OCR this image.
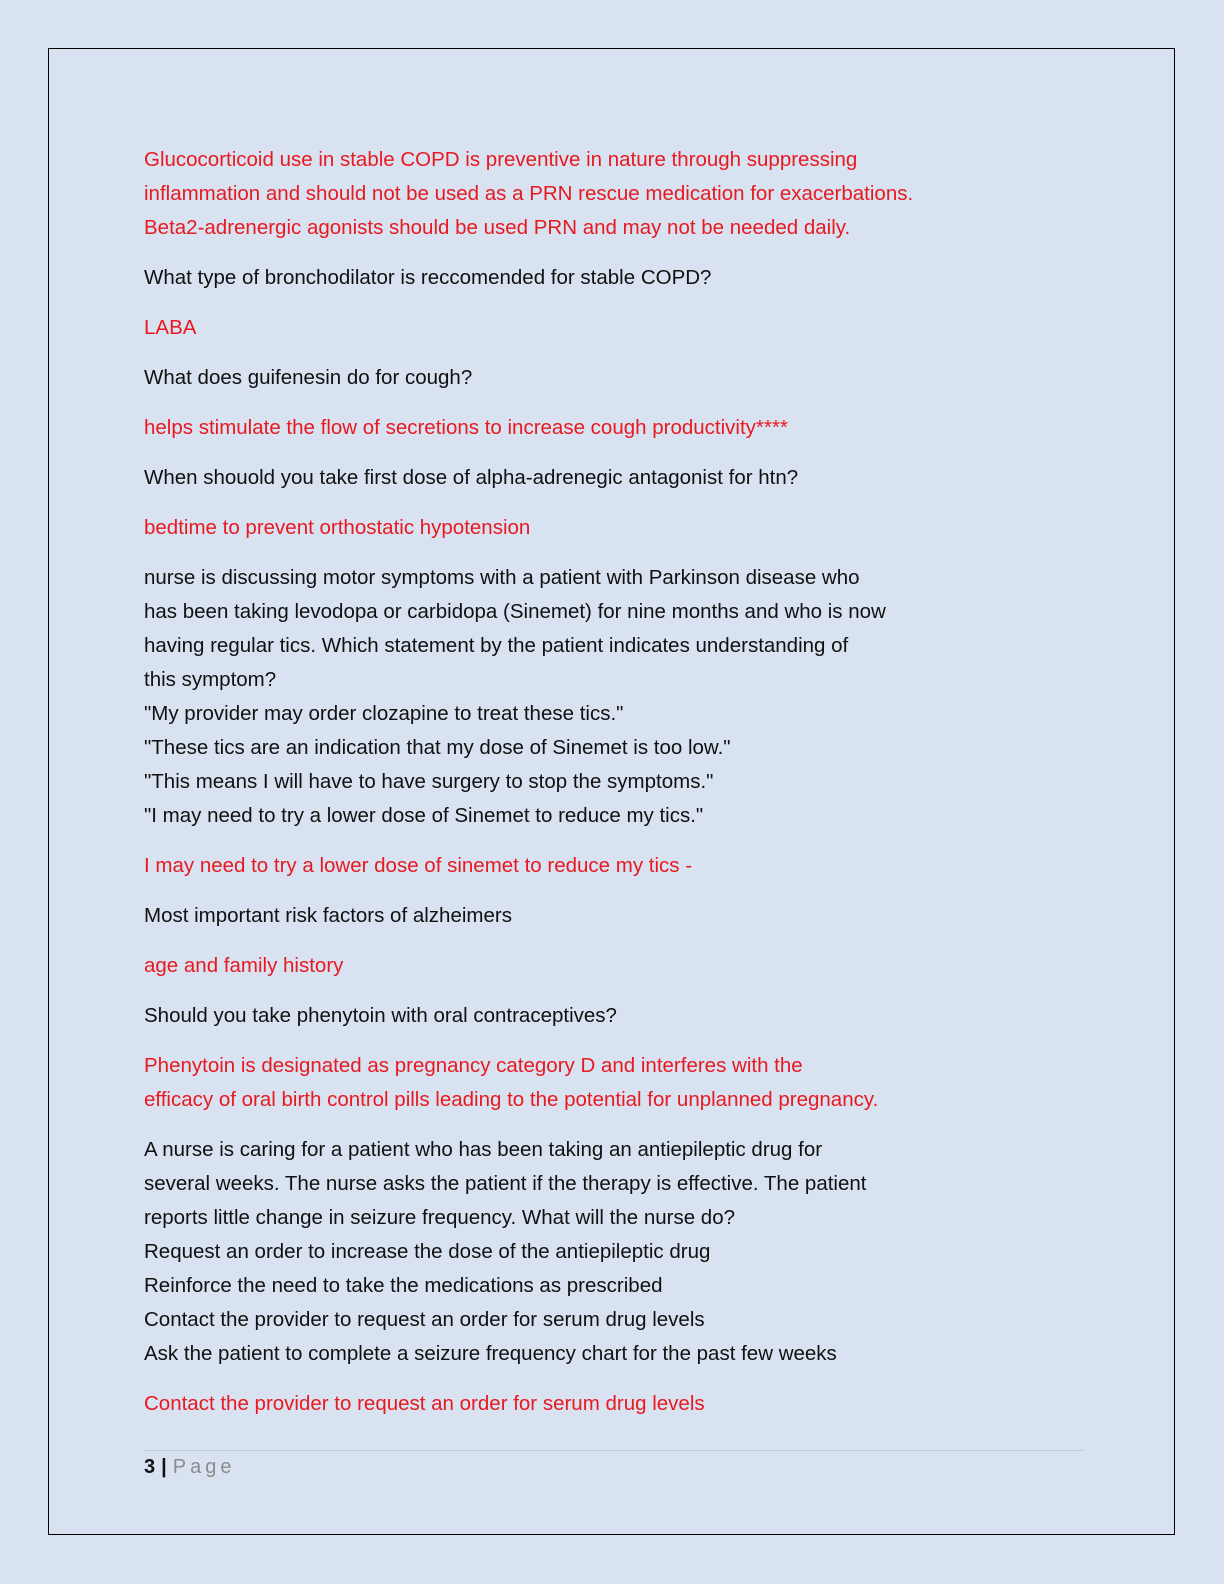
Glucocorticoid use in stable COPD is preventive in nature through suppressing
inflammation and should not be used as a PRN rescue medication for exacerbations.
Beta2-adrenergic agonists should be used PRN and may not be needed daily.
What type of bronchodilator is reccomended for stable COPD?
LABA
What does guifenesin do for cough?
helps stimulate the flow of secretions to increase cough productivity****
When shouold you take first dose of alpha-adrenegic antagonist for htn?
bedtime to prevent orthostatic hypotension
nurse is discussing motor symptoms with a patient with Parkinson disease who
has been taking levodopa or carbidopa (Sinemet) for nine months and who is now
having regular tics. Which statement by the patient indicates understanding of
this symptom?
"My provider may order clozapine to treat these tics."
"These tics are an indication that my dose of Sinemet is too low."
"This means I will have to have surgery to stop the symptoms."
"I may need to try a lower dose of Sinemet to reduce my tics."
I may need to try a lower dose of sinemet to reduce my tics -
Most important risk factors of alzheimers
age and family history
Should you take phenytoin with oral contraceptives?
Phenytoin is designated as pregnancy category D and interferes with the
efficacy of oral birth control pills leading to the potential for unplanned pregnancy.
A nurse is caring for a patient who has been taking an antiepileptic drug for
several weeks. The nurse asks the patient if the therapy is effective. The patient
reports little change in seizure frequency. What will the nurse do?
Request an order to increase the dose of the antiepileptic drug
Reinforce the need to take the medications as prescribed
Contact the provider to request an order for serum drug levels
Ask the patient to complete a seizure frequency chart for the past few weeks
Contact the provider to request an order for serum drug levels
3 | Page
